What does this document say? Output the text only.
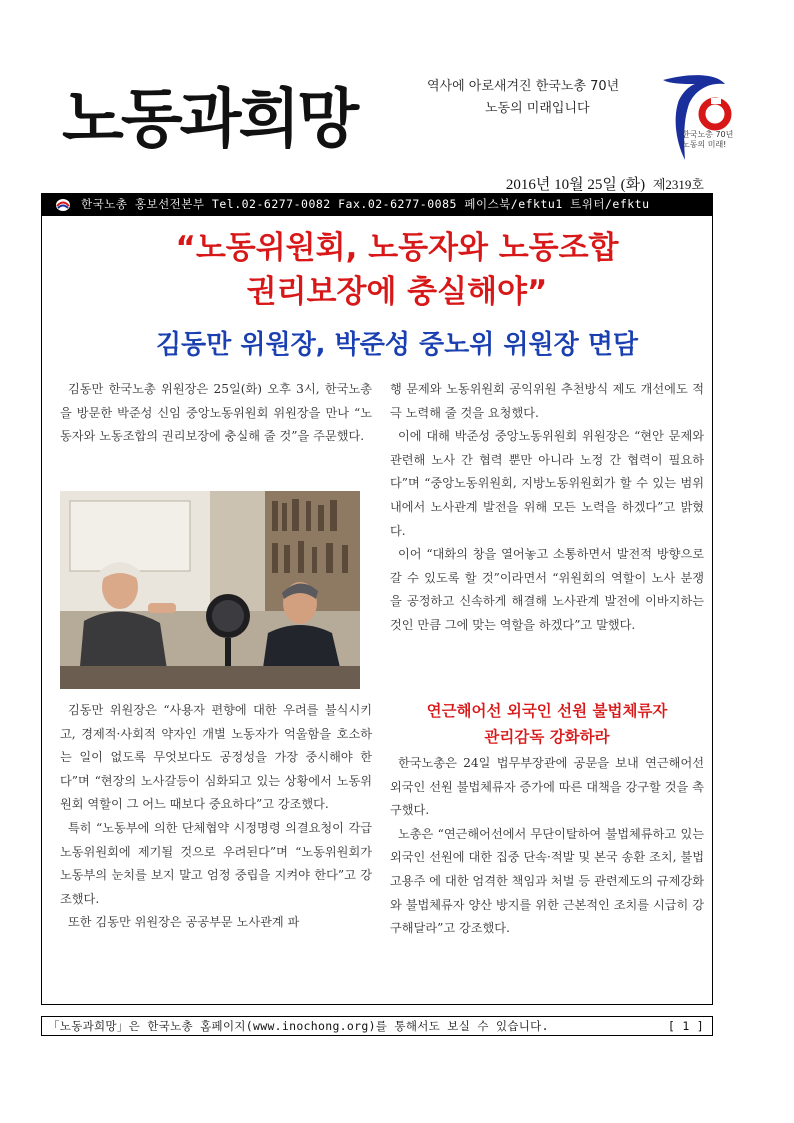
노동과희망	역사에 아로새겨진 한국노총 70년
노동의 미래입니다
한국노총 70년
노동의 미래!
2016년 10월 25일 (화) 제2319호
한국노총 홍보선전본부 Tel.02-6277-0082 Fax.02-6277-0085 페이스북/efktu1 트위터/efktu
“노동위원회, 노동자와 노동조합
권리보장에 충실해야”
김동만 위원장, 박준성 중노위 위원장 면담

김동만 한국노총 위원장은 25일(화) 오후 3시, 한국노총을 방문한 박준성 신임 중앙노동위원회 위원장을 만나 “노동자와 노동조합의 권리보장에 충실해 줄 것”을 주문했다.

김동만 위원장은 “사용자 편향에 대한 우려를 불식시키고, 경제적·사회적 약자인 개별 노동자가 억울함을 호소하는 일이 없도록 무엇보다도 공정성을 가장 중시해야 한다”며 “현장의 노사갈등이 심화되고 있는 상황에서 노동위원회 역할이 그 어느 때보다 중요하다”고 강조했다.

특히 “노동부에 의한 단체협약 시정명령 의결요청이 각급 노동위원회에 제기될 것으로 우려된다”며 “노동위원회가 노동부의 눈치를 보지 말고 엄정 중립을 지켜야 한다”고 강조했다.

또한 김동만 위원장은 공공부문 노사관계 파

행 문제와 노동위원회 공익위원 추천방식 제도 개선에도 적극 노력해 줄 것을 요청했다.

이에 대해 박준성 중앙노동위원회 위원장은 “현안 문제와 관련해 노사 간 협력 뿐만 아니라 노정 간 협력이 필요하다”며 “중앙노동위원회, 지방노동위원회가 할 수 있는 범위 내에서 노사관계 발전을 위해 모든 노력을 하겠다”고 밝혔다.

이어 “대화의 창을 열어놓고 소통하면서 발전적 방향으로 갈 수 있도록 할 것”이라면서 “위원회의 역할이 노사 분쟁을 공정하고 신속하게 해결해 노사관계 발전에 이바지하는 것인 만큼 그에 맞는 역할을 하겠다”고 말했다.

연근해어선 외국인 선원 불법체류자
관리감독 강화하라

한국노총은 24일 법무부장관에 공문을 보내 연근해어선 외국인 선원 불법체류자 증가에 따른 대책을 강구할 것을 촉구했다.

노총은 “연근해어선에서 무단이탈하여 불법체류하고 있는 외국인 선원에 대한 집중 단속·적발 및 본국 송환 조치, 불법 고용주 에 대한 엄격한 책임과 처벌 등 관련제도의 규제강화와 불법체류자 양산 방지를 위한 근본적인 조치를 시급히 강구해달라”고 강조했다.

「노동과희망」은 한국노총 홈페이지(www.inochong.org)를 통해서도 보실 수 있습니다.	[ 1 ]
